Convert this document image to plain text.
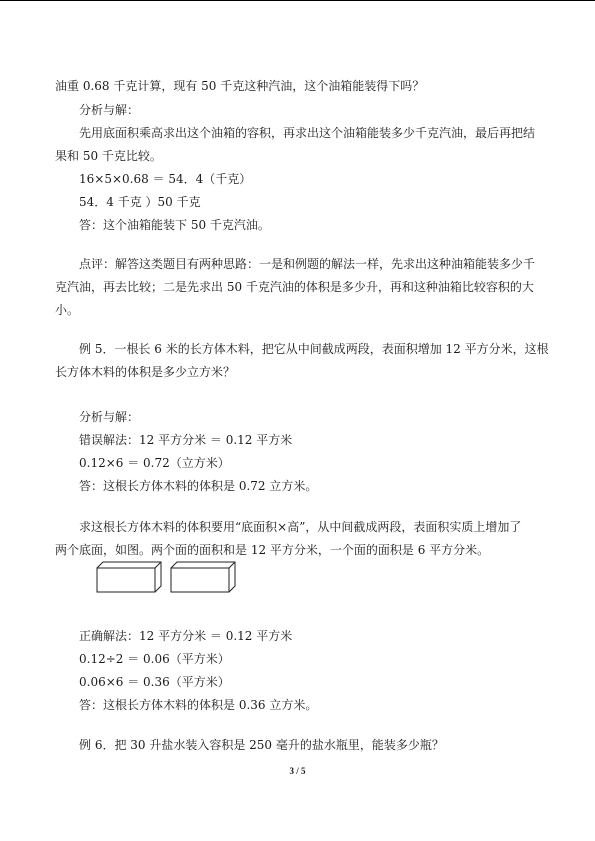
油重 0.68 千克计算，现有 50 千克这种汽油，这个油箱能装得下吗？
分析与解：
先用底面积乘高求出这个油箱的容积，再求出这个油箱能装多少千克汽油，最后再把结
果和 50 千克比较。
16×5×0.68 ＝ 54．4（千克）
54．4 千克 ）50 千克
答：这个油箱能装下 50 千克汽油。
点评：解答这类题目有两种思路：一是和例题的解法一样，先求出这种油箱能装多少千
克汽油，再去比较；二是先求出 50 千克汽油的体积是多少升，再和这种油箱比较容积的大
小。
例 5．一根长 6 米的长方体木料，把它从中间截成两段，表面积增加 12 平方分米，这根
长方体木料的体积是多少立方米？
分析与解：
错误解法：12 平方分米 ＝ 0.12 平方米
0.12×6 ＝ 0.72（立方米）
答：这根长方体木料的体积是 0.72 立方米。
求这根长方体木料的体积要用“底面积×高”，从中间截成两段，表面积实质上增加了
两个底面，如图。两个面的面积和是 12 平方分米，一个面的面积是 6 平方分米。
正确解法：12 平方分米 ＝ 0.12 平方米
0.12÷2 ＝ 0.06（平方米）
0.06×6 ＝ 0.36（平方米）
答：这根长方体木料的体积是 0.36 立方米。
例 6．把 30 升盐水装入容积是 250 毫升的盐水瓶里，能装多少瓶？
3 / 5
